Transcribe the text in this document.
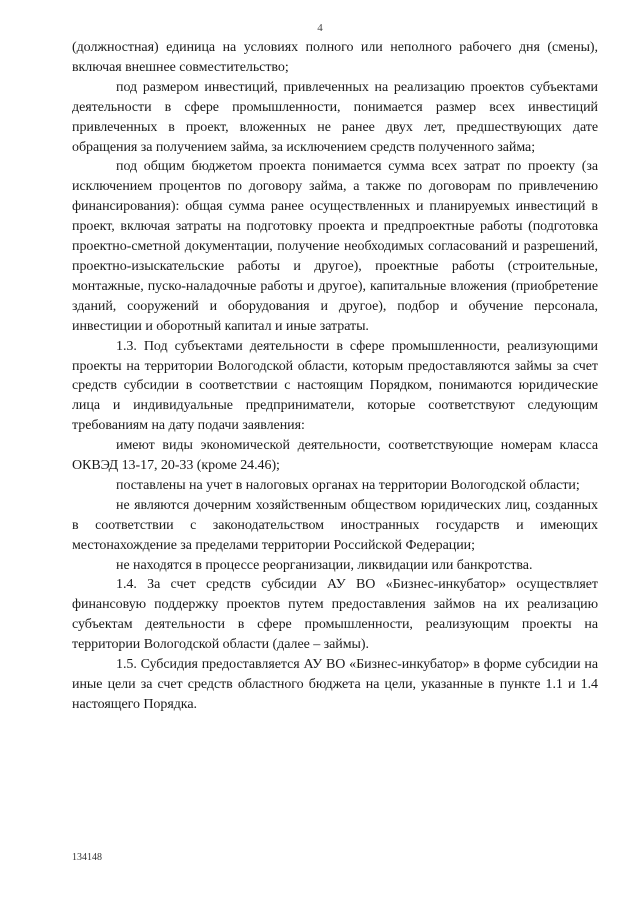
4

(должностная) единица на условиях полного или неполного рабочего дня (смены), включая внешнее совместительство;

под размером инвестиций, привлеченных на реализацию проектов субъектами деятельности в сфере промышленности, понимается размер всех инвестиций привлеченных в проект, вложенных не ранее двух лет, предшествующих дате обращения за получением займа, за исключением средств полученного займа;

под общим бюджетом проекта понимается сумма всех затрат по проекту (за исключением процентов по договору займа, а также по договорам по привлечению финансирования): общая сумма ранее осуществленных и планируемых инвестиций в проект, включая затраты на подготовку проекта и предпроектные работы (подготовка проектно-сметной документации, получение необходимых согласований и разрешений, проектно-изыскательские работы и другое), проектные работы (строительные, монтажные, пуско-наладочные работы и другое), капитальные вложения (приобретение зданий, сооружений и оборудования и другое), подбор и обучение персонала, инвестиции и оборотный капитал и иные затраты.

1.3. Под субъектами деятельности в сфере промышленности, реализующими проекты на территории Вологодской области, которым предоставляются займы за счет средств субсидии в соответствии с настоящим Порядком, понимаются юридические лица и индивидуальные предприниматели, которые соответствуют следующим требованиям на дату подачи заявления:

имеют виды экономической деятельности, соответствующие номерам класса ОКВЭД 13-17, 20-33 (кроме 24.46);

поставлены на учет в налоговых органах на территории Вологодской области;

не являются дочерним хозяйственным обществом юридических лиц, созданных в соответствии с законодательством иностранных государств и имеющих местонахождение за пределами территории Российской Федерации;

не находятся в процессе реорганизации, ликвидации или банкротства.

1.4. За счет средств субсидии АУ ВО «Бизнес-инкубатор» осуществляет финансовую поддержку проектов путем предоставления займов на их реализацию субъектам деятельности в сфере промышленности, реализующим проекты на территории Вологодской области (далее – займы).

1.5. Субсидия предоставляется АУ ВО «Бизнес-инкубатор» в форме субсидии на иные цели за счет средств областного бюджета на цели, указанные в пункте 1.1 и 1.4 настоящего Порядка.

134148
